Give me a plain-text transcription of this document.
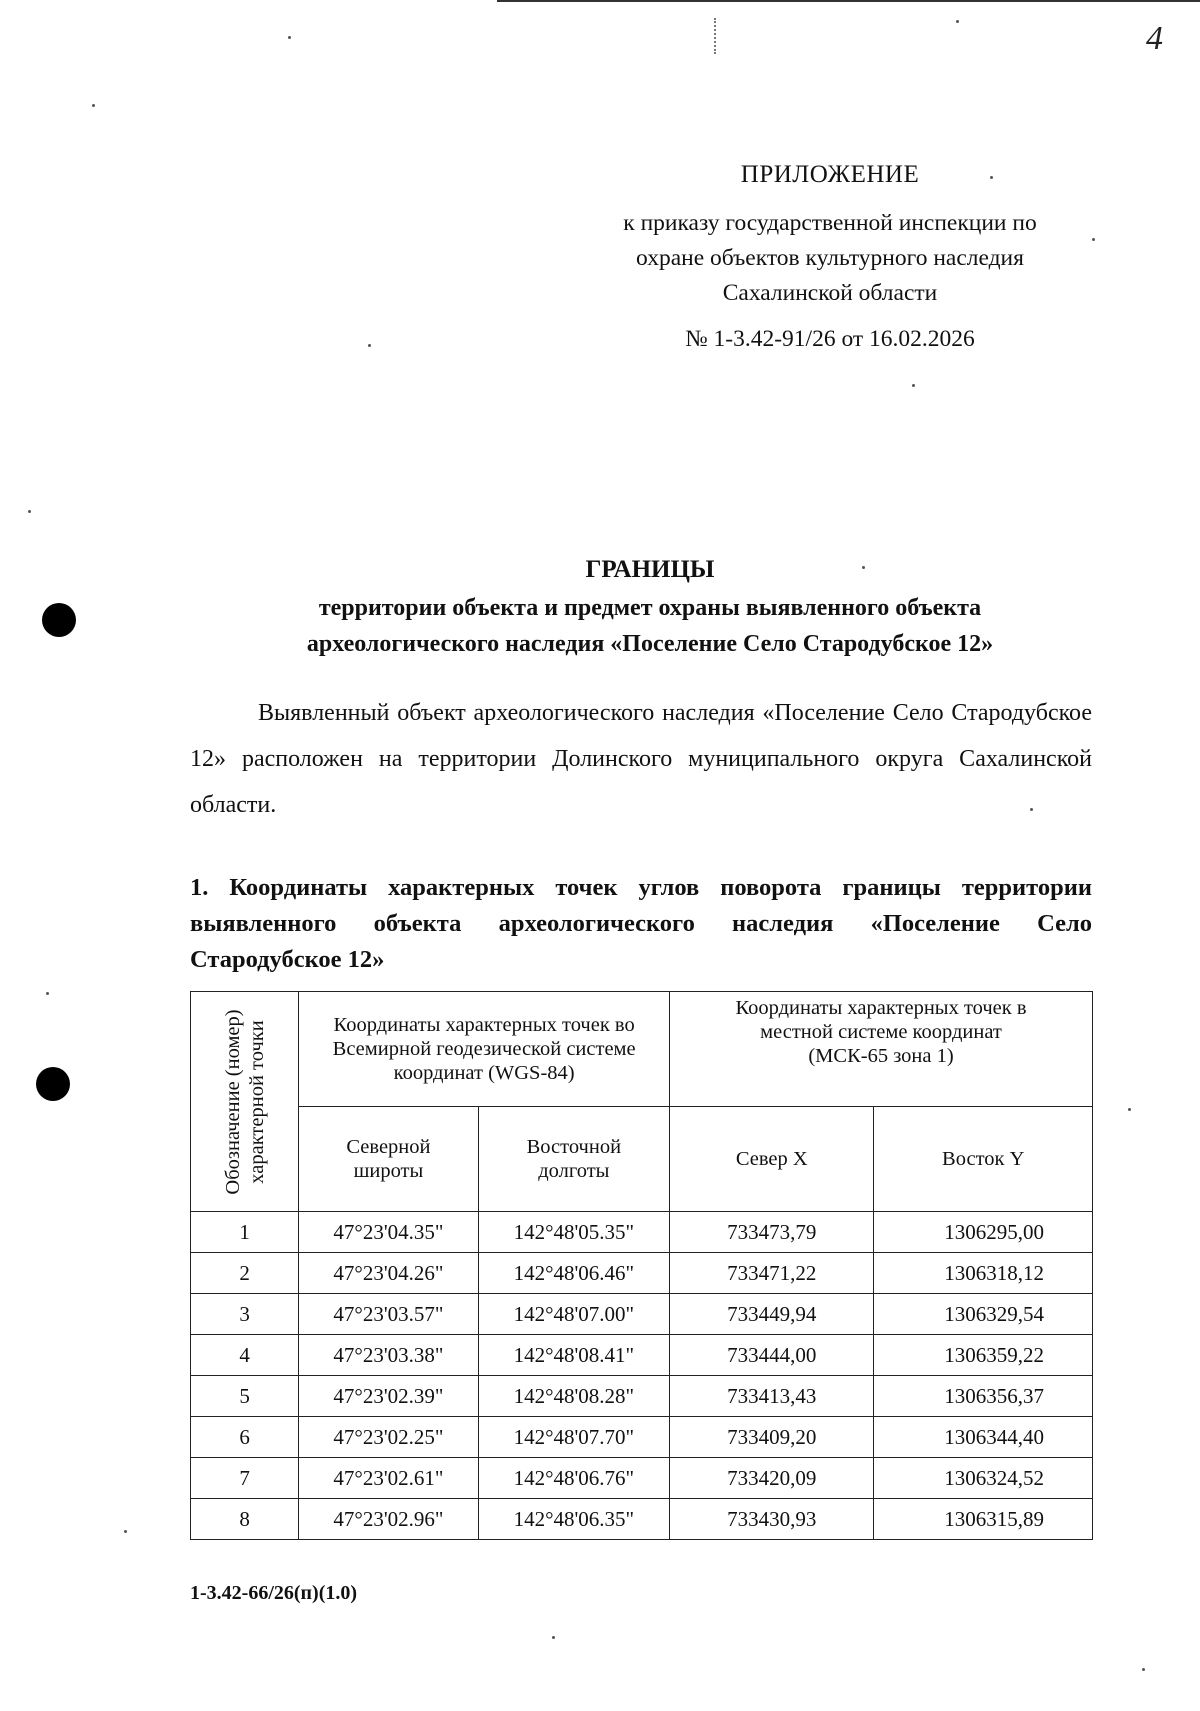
4
ПРИЛОЖЕНИЕ
к приказу государственной инспекции по
охране объектов культурного наследия
Сахалинской области
№ 1-3.42-91/26 от 16.02.2026
ГРАНИЦЫ
территории объекта и предмет охраны выявленного объекта
археологического наследия «Поселение Село Стародубское 12»
Выявленный объект археологического наследия «Поселение Село Стародубское 12» расположен на территории Долинского муниципального округа Сахалинской области.
1. Координаты характерных точек углов поворота границы территории выявленного объекта археологического наследия «Поселение Село Стародубское 12»
Обозначение (номер) характерной точки	Координаты характерных точек во Всемирной геодезической системе координат (WGS-84)		Координаты характерных точек в местной системе координат (МСК-65 зона 1)	
	Северной широты	Восточной долготы	Север X	Восток Y
1	47°23'04.35"	142°48'05.35"	733473,79	1306295,00
2	47°23'04.26"	142°48'06.46"	733471,22	1306318,12
3	47°23'03.57"	142°48'07.00"	733449,94	1306329,54
4	47°23'03.38"	142°48'08.41"	733444,00	1306359,22
5	47°23'02.39"	142°48'08.28"	733413,43	1306356,37
6	47°23'02.25"	142°48'07.70"	733409,20	1306344,40
7	47°23'02.61"	142°48'06.76"	733420,09	1306324,52
8	47°23'02.96"	142°48'06.35"	733430,93	1306315,89
1-3.42-66/26(п)(1.0)
